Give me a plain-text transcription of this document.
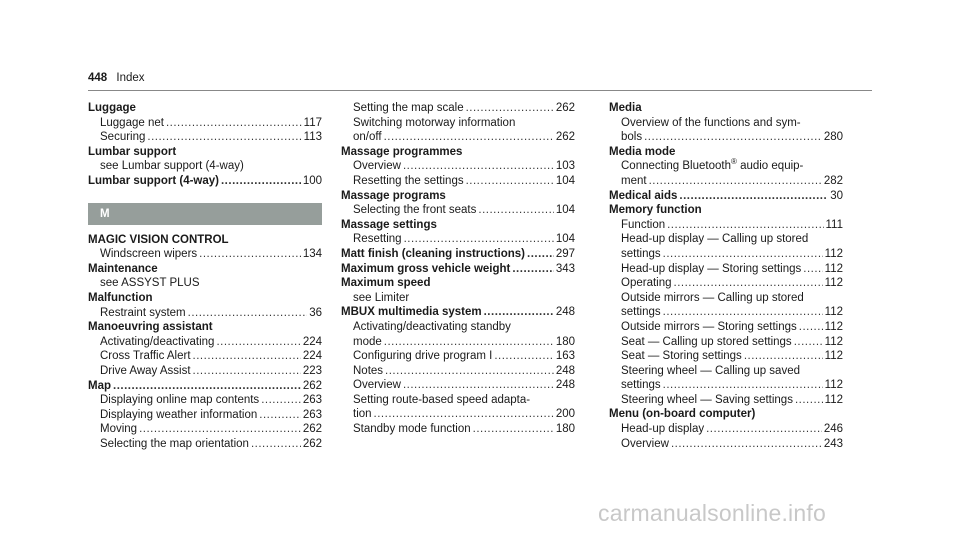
448 Index
Luggage
Luggage net .....	117
Securing .....	113
Lumbar support
see Lumbar support (4-way)
Lumbar support (4-way) .....	100
M
MAGIC VISION CONTROL
Windscreen wipers .....	134
Maintenance
see ASSYST PLUS
Malfunction
Restraint system .....	36
Manoeuvring assistant
Activating/deactivating .....	224
Cross Traffic Alert .....	224
Drive Away Assist .....	223
Map .....	262
Displaying online map contents .....	263
Displaying weather information .....	263
Moving .....	262
Selecting the map orientation .....	262
Setting the map scale .....	262
Switching motorway information
on/off .....	262
Massage programmes
Overview .....	103
Resetting the settings .....	104
Massage programs
Selecting the front seats .....	104
Massage settings
Resetting .....	104
Matt finish (cleaning instructions) .....	297
Maximum gross vehicle weight .....	343
Maximum speed
see Limiter
MBUX multimedia system .....	248
Activating/deactivating standby
mode .....	180
Configuring drive program I .....	163
Notes .....	248
Overview .....	248
Setting route-based speed adapta-
tion .....	200
Standby mode function .....	180
Media
Overview of the functions and sym-
bols .....	280
Media mode
Connecting Bluetooth® audio equip-
ment .....	282
Medical aids .....	30
Memory function
Function .....	111
Head-up display — Calling up stored
settings .....	112
Head-up display — Storing settings ..... 112
Operating .....	112
Outside mirrors — Calling up stored
settings .....	112
Outside mirrors — Storing settings ..... 112
Seat — Calling up stored settings .....	112
Seat — Storing settings .....	112
Steering wheel — Calling up saved
settings .....	112
Steering wheel — Saving settings .....	112
Menu (on-board computer)
Head-up display .....	246
Overview .....	243
carmanualsonline.info
